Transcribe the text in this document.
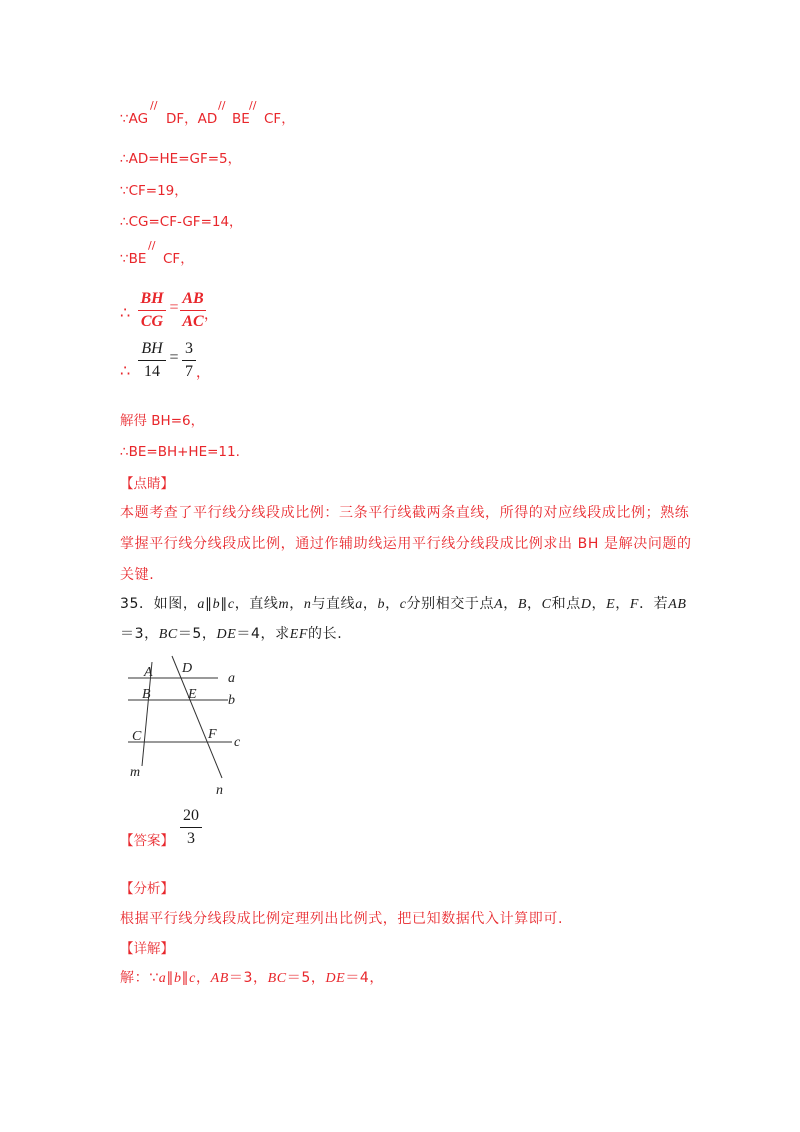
∵AG
//
DF，AD
//
BE
//
CF，
∴AD=HE=GF=5，
∵CF=19，
∴CG=CF-GF=14，
∵BE
//
CF，
∴
BH
CG
=
AB
AC ，
∴
BH
14
=
3
7 ，
解得 BH=6，
∴BE=BH+HE=11.
【点睛】
本题考查了平行线分线段成比例：三条平行线截两条直线，所得的对应线段成比例；熟练
掌握平行线分线段成比例，通过作辅助线运用平行线分线段成比例求出 BH 是解决问题的
关键.
35．如图，a∥b∥c，直线m，n与直线a，b，c分别相交于点A，B，C和点D，E，F．若AB
＝3，BC＝5，DE＝4，求EF的长.
A D
a
B	E b
C	F
c
m
n
【答案】
20
3
【分析】
根据平行线分线段成比例定理列出比例式，把已知数据代入计算即可.
【详解】
解：∵a∥b∥c，AB＝3，BC＝5，DE＝4，
